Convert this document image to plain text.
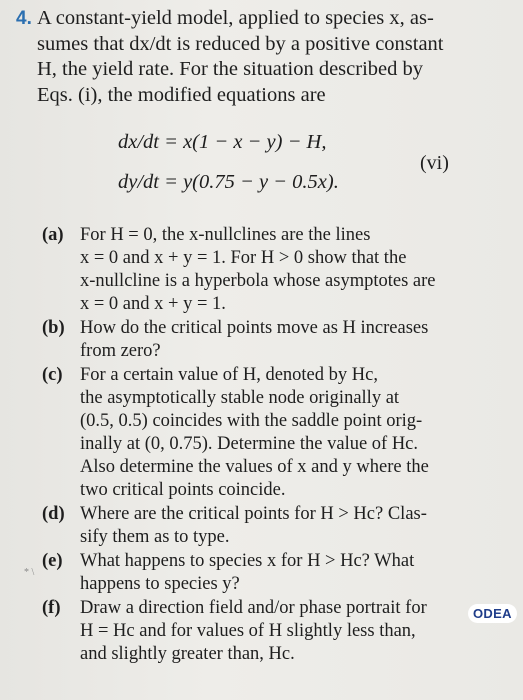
4. A constant-yield model, applied to species x, as-
sumes that dx/dt is reduced by a positive constant
H, the yield rate. For the situation described by
Eqs. (i), the modified equations are
dx/dt = x(1 − x − y) − H,
dy/dt = y(0.75 − y − 0.5x).
(vi)
(a) For H = 0, the x-nullclines are the lines
x = 0 and x + y = 1. For H > 0 show that the
x-nullcline is a hyperbola whose asymptotes are
x = 0 and x + y = 1.
(b) How do the critical points move as H increases
from zero?
(c) For a certain value of H, denoted by Hc,
the asymptotically stable node originally at
(0.5, 0.5) coincides with the saddle point orig-
inally at (0, 0.75). Determine the value of Hc.
Also determine the values of x and y where the
two critical points coincide.
(d) Where are the critical points for H > Hc? Clas-
sify them as to type.
(e) What happens to species x for H > Hc? What
happens to species y?
(f)	Draw a direction field and/or phase portrait for
H = Hc and for values of H slightly less than,
and slightly greater than, Hc.
* \
ODEA
